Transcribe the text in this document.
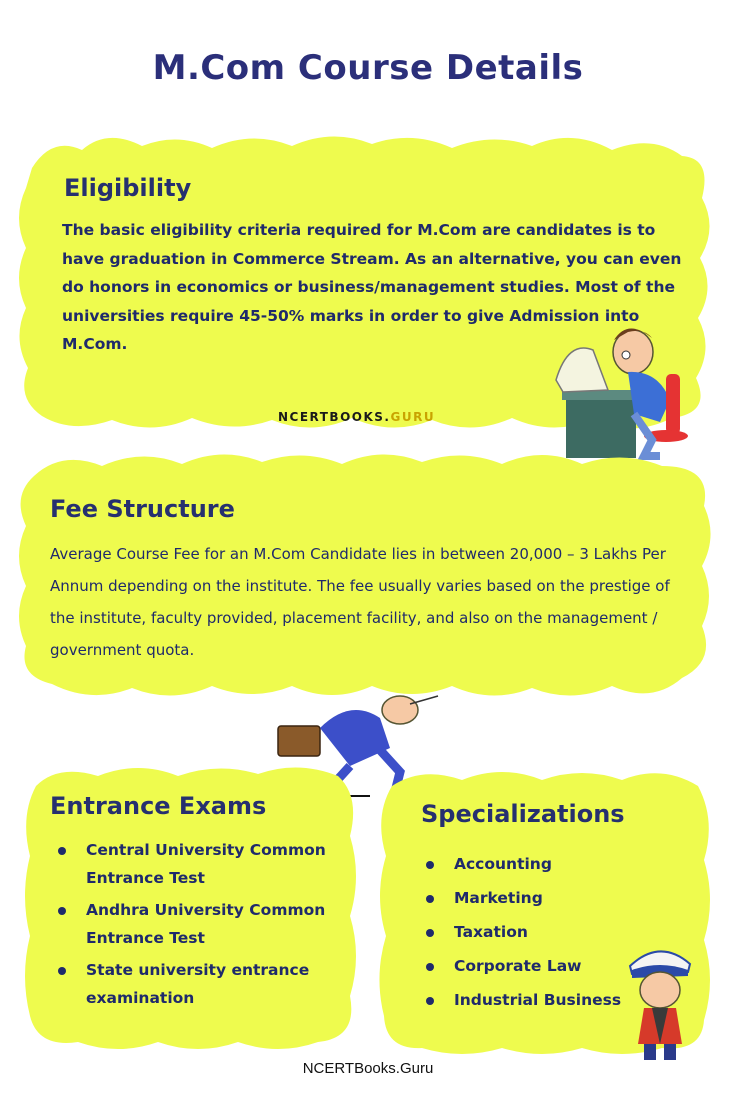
M.Com Course Details
Eligibility
The basic eligibility criteria required for M.Com are candidates is to have graduation in Commerce Stream. As an alternative, you can even do honors in economics or business/management studies. Most of the universities require 45-50% marks in order to give Admission into M.Com.
NCERTBOOKS.GURU
Fee Structure
Average Course Fee for an M.Com Candidate lies in between 20,000 – 3 Lakhs Per Annum depending on the institute. The fee usually varies based on the prestige of the institute, faculty provided, placement facility, and also on the management / government quota.
Entrance Exams
Central University Common Entrance Test
Andhra University Common Entrance Test
State university entrance examination
Specializations
Accounting
Marketing
Taxation
Corporate Law
Industrial Business
NCERTBooks.Guru
